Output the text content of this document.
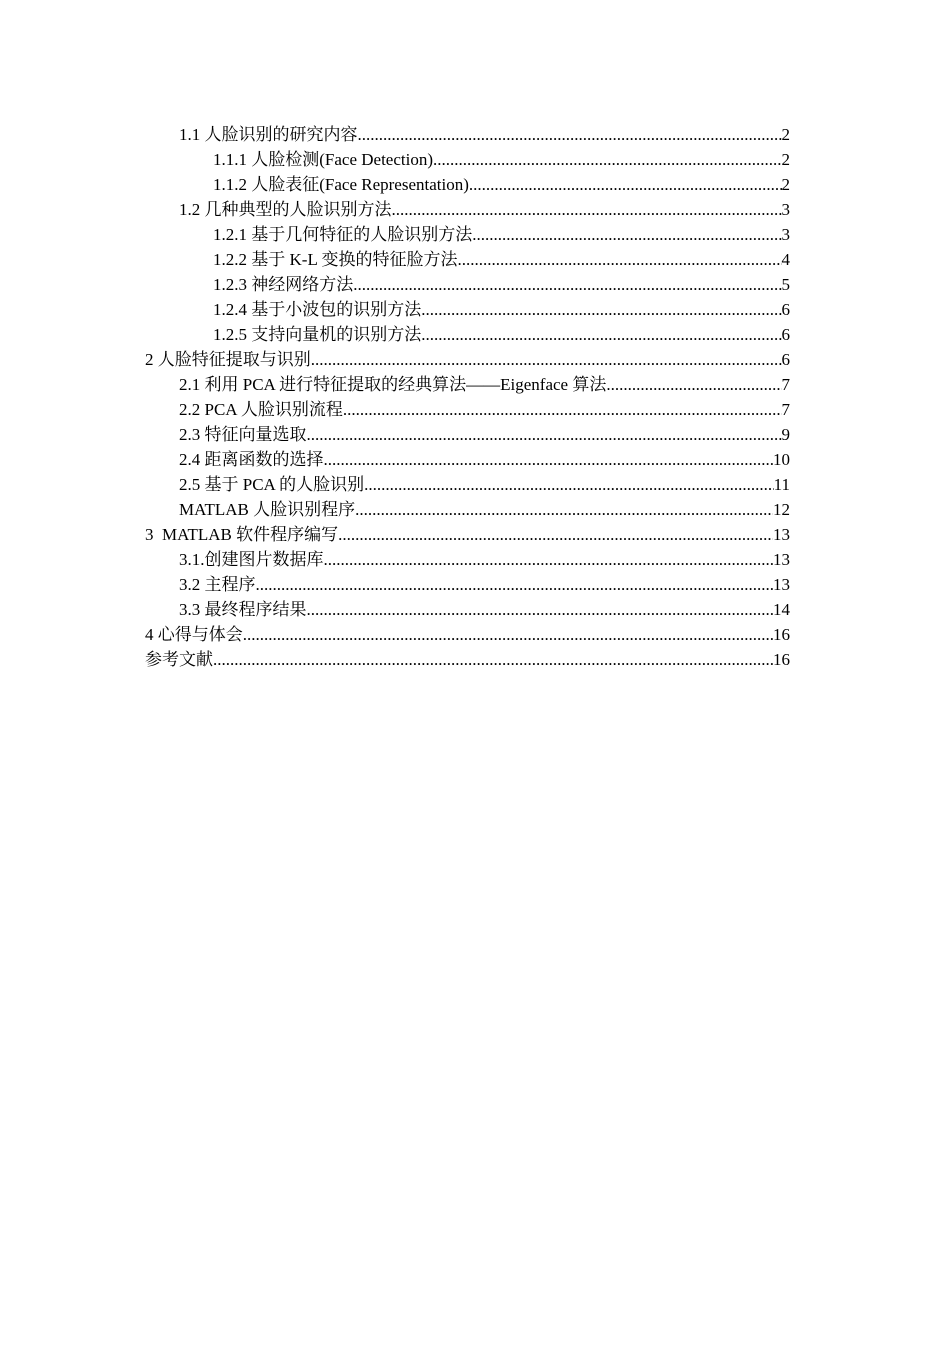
1.1 人脸识别的研究内容 .....	2
1.1.1 人脸检测(Face Detection) .....	2
1.1.2 人脸表征(Face Representation) .....	2
1.2 几种典型的人脸识别方法 .....	3
1.2.1 基于几何特征的人脸识别方法 .....	3
1.2.2 基于 K-L 变换的特征脸方法 .....	4
1.2.3 神经网络方法 .....	5
1.2.4 基于小波包的识别方法 .....	6
1.2.5 支持向量机的识别方法 .....	6
2 人脸特征提取与识别 .....	6
2.1 利用 PCA 进行特征提取的经典算法——Eigenface 算法 .....	7
2.2 PCA 人脸识别流程 .....	7
2.3 特征向量选取 .....	9
2.4 距离函数的选择 .....	10
2.5 基于 PCA 的人脸识别 .....	11
MATLAB 人脸识别程序 .....	12
3  MATLAB 软件程序编写 .....	13
3.1.创建图片数据库 .....	13
3.2 主程序 .....	13
3.3 最终程序结果 .....	14
4 心得与体会 .....	16
参考文献 .....	16
